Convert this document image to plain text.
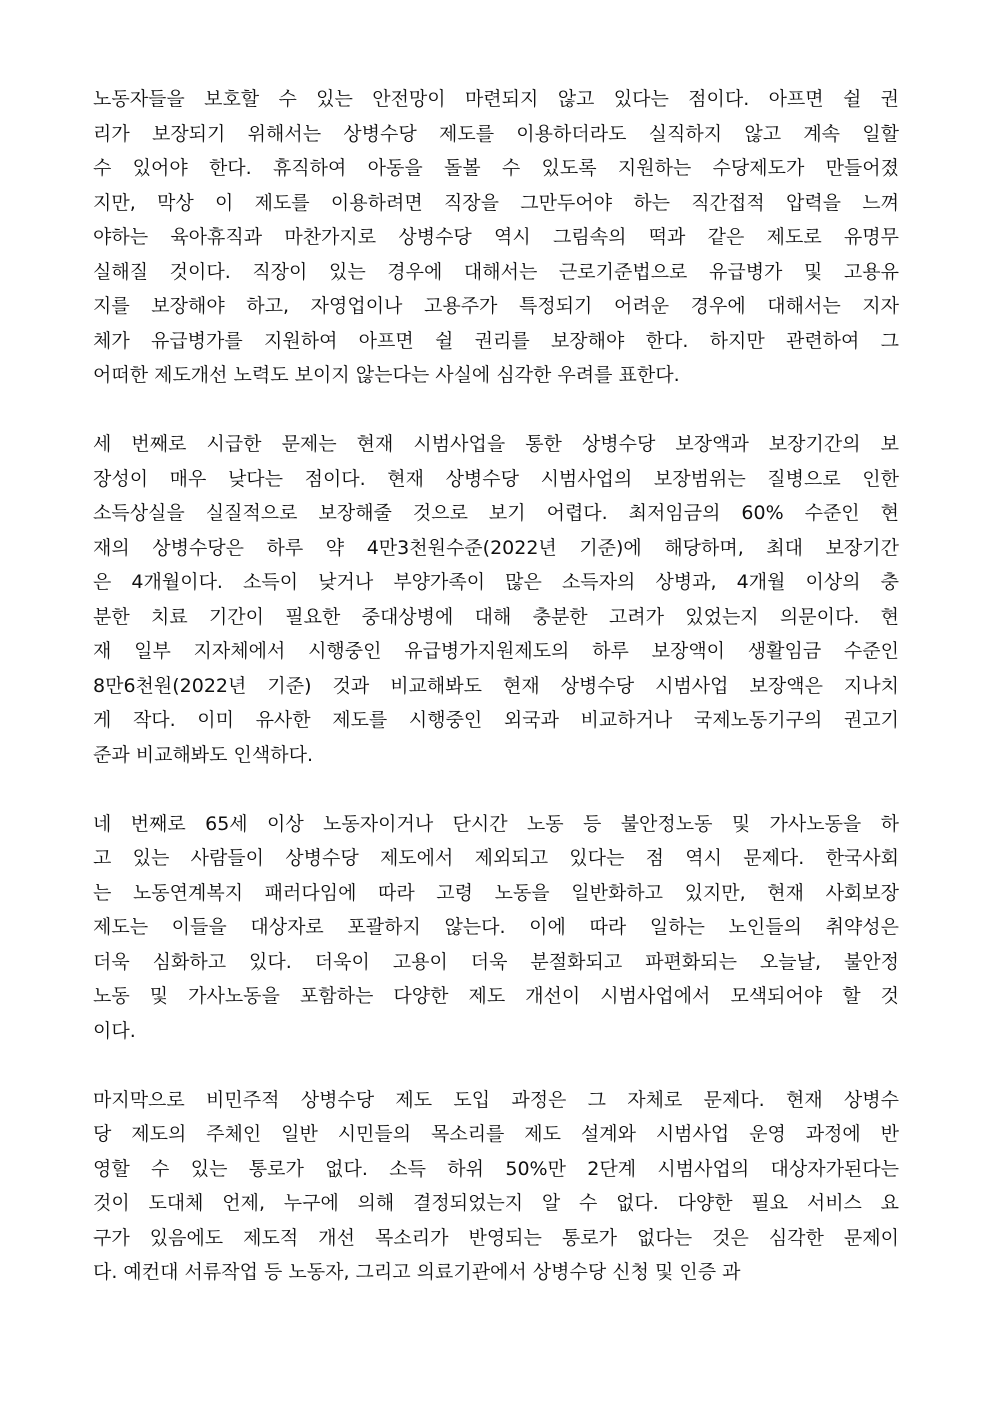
노동자들을 보호할 수 있는 안전망이 마련되지 않고 있다는 점이다. 아프면 쉴 권
리가 보장되기 위해서는 상병수당 제도를 이용하더라도 실직하지 않고 계속 일할
수 있어야 한다. 휴직하여 아동을 돌볼 수 있도록 지원하는 수당제도가 만들어졌
지만, 막상 이 제도를 이용하려면 직장을 그만두어야 하는 직간접적 압력을 느껴
야하는 육아휴직과 마찬가지로 상병수당 역시 그림속의 떡과 같은 제도로 유명무
실해질 것이다. 직장이 있는 경우에 대해서는 근로기준법으로 유급병가 및 고용유
지를 보장해야 하고, 자영업이나 고용주가 특정되기 어려운 경우에 대해서는 지자
체가 유급병가를 지원하여 아프면 쉴 권리를 보장해야 한다. 하지만 관련하여 그
어떠한 제도개선 노력도 보이지 않는다는 사실에 심각한 우려를 표한다.
세 번째로 시급한 문제는 현재 시범사업을 통한 상병수당 보장액과 보장기간의 보
장성이 매우 낮다는 점이다. 현재 상병수당 시범사업의 보장범위는 질병으로 인한
소득상실을 실질적으로 보장해줄 것으로 보기 어렵다. 최저임금의 60% 수준인 현
재의 상병수당은 하루 약 4만3천원수준(2022년 기준)에 해당하며, 최대 보장기간
은 4개월이다. 소득이 낮거나 부양가족이 많은 소득자의 상병과, 4개월 이상의 충
분한 치료 기간이 필요한 중대상병에 대해 충분한 고려가 있었는지 의문이다. 현
재 일부 지자체에서 시행중인 유급병가지원제도의 하루 보장액이 생활임금 수준인
8만6천원(2022년 기준) 것과 비교해봐도 현재 상병수당 시범사업 보장액은 지나치
게 작다. 이미 유사한 제도를 시행중인 외국과 비교하거나 국제노동기구의 권고기
준과 비교해봐도 인색하다.
네 번째로 65세 이상 노동자이거나 단시간 노동 등 불안정노동 및 가사노동을 하
고 있는 사람들이 상병수당 제도에서 제외되고 있다는 점 역시 문제다. 한국사회
는 노동연계복지 패러다임에 따라 고령 노동을 일반화하고 있지만, 현재 사회보장
제도는 이들을 대상자로 포괄하지 않는다. 이에 따라 일하는 노인들의 취약성은
더욱 심화하고 있다. 더욱이 고용이 더욱 분절화되고 파편화되는 오늘날, 불안정
노동 및 가사노동을 포함하는 다양한 제도 개선이 시범사업에서 모색되어야 할 것
이다.
마지막으로 비민주적 상병수당 제도 도입 과정은 그 자체로 문제다. 현재 상병수
당 제도의 주체인 일반 시민들의 목소리를 제도 설계와 시범사업 운영 과정에 반
영할 수 있는 통로가 없다. 소득 하위 50%만 2단계 시범사업의 대상자가된다는
것이 도대체 언제, 누구에 의해 결정되었는지 알 수 없다. 다양한 필요 서비스 요
구가 있음에도 제도적 개선 목소리가 반영되는 통로가 없다는 것은 심각한 문제이
다. 예컨대 서류작업 등 노동자, 그리고 의료기관에서 상병수당 신청 및 인증 과
